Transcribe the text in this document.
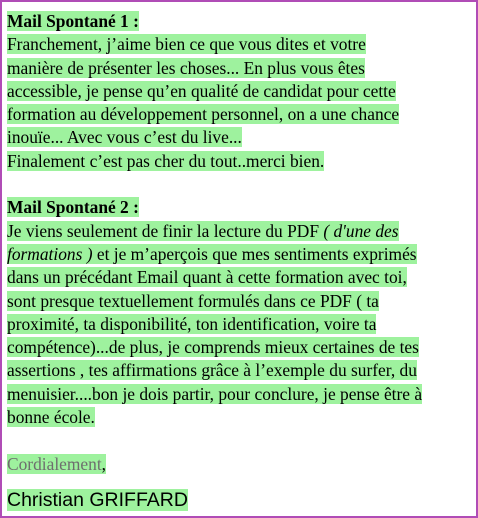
Mail Spontané 1 :
Franchement, j’aime bien ce que vous dites et votre
manière de présenter les choses... En plus vous êtes
accessible, je pense qu’en qualité de candidat pour cette
formation au développement personnel, on a une chance
inouïe... Avec vous c’est du live...
Finalement c’est pas cher du tout..merci bien.
Mail Spontané 2 :
Je viens seulement de finir la lecture du PDF ( d'une des
formations ) et je m’aperçois que mes sentiments exprimés
dans un précédant Email quant à cette formation avec toi,
sont presque textuellement formulés dans ce PDF ( ta
proximité, ta disponibilité, ton identification, voire ta
compétence)...de plus, je comprends mieux certaines de tes
assertions , tes affirmations grâce à l’exemple du surfer, du
menuisier....bon je dois partir, pour conclure, je pense être à
bonne école.
Cordialement,
Christian GRIFFARD
